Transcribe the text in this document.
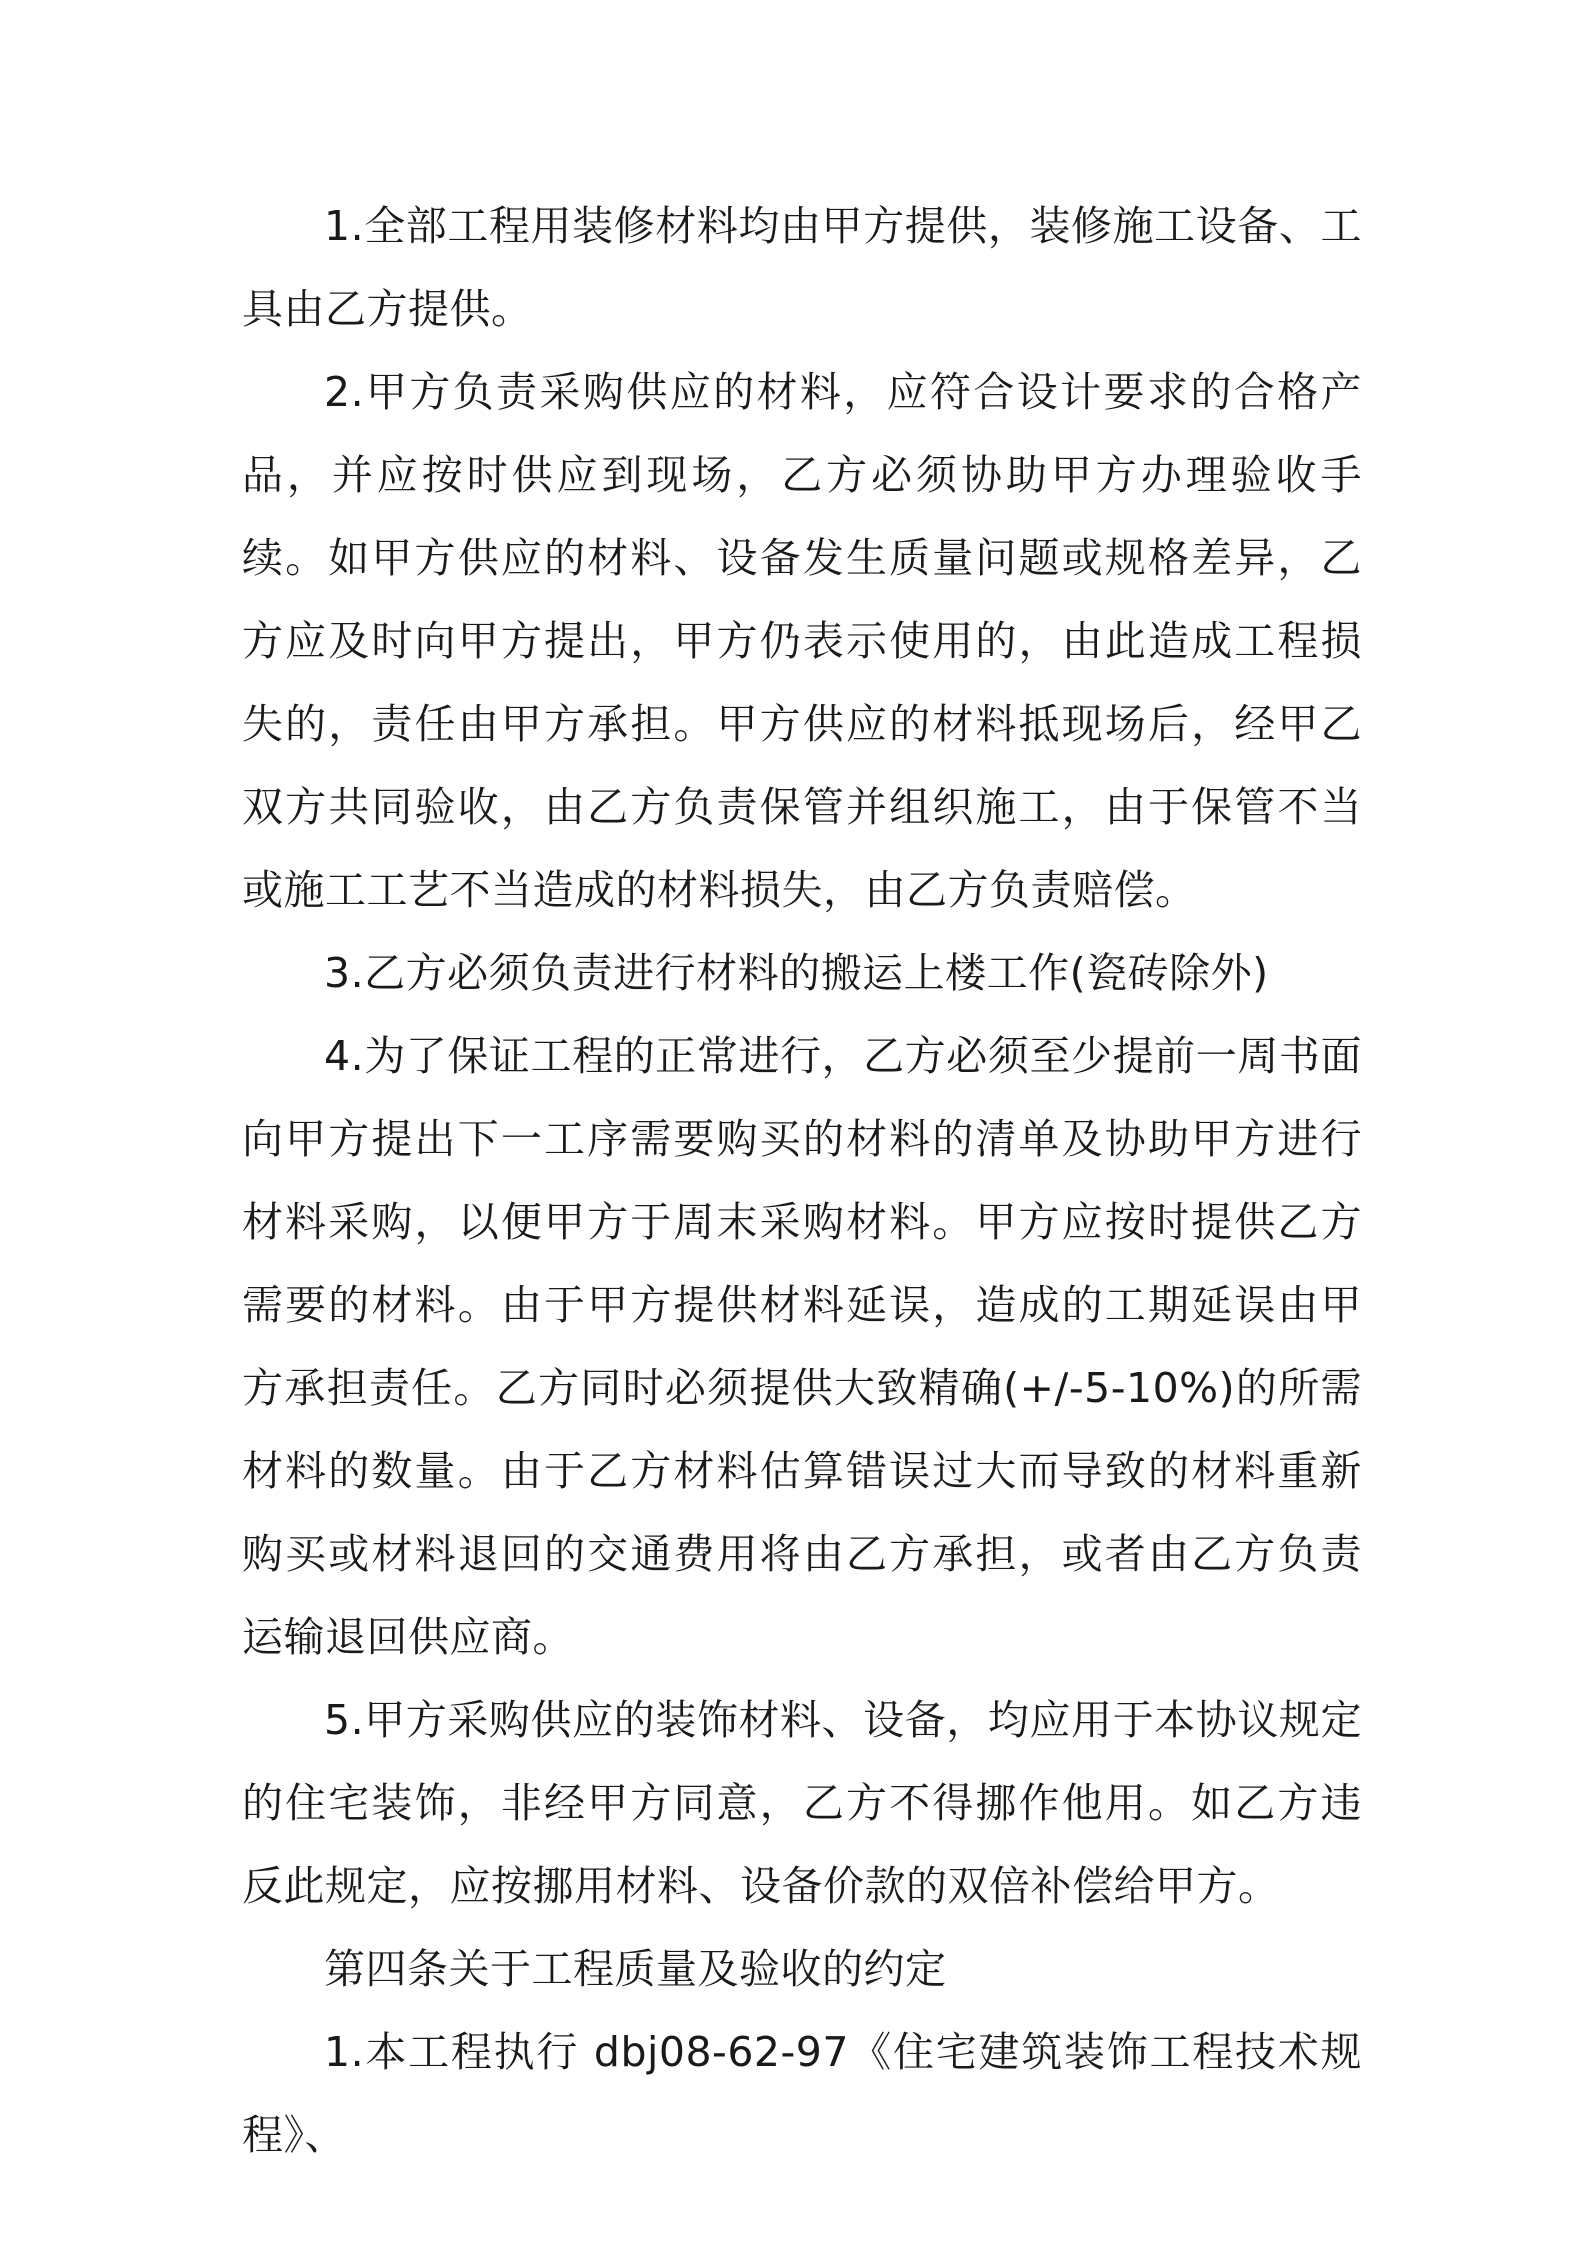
1.全部工程用装修材料均由甲方提供，装修施工设备、工具由乙方提供。

2.甲方负责采购供应的材料，应符合设计要求的合格产品，并应按时供应到现场，乙方必须协助甲方办理验收手续。如甲方供应的材料、设备发生质量问题或规格差异，乙方应及时向甲方提出，甲方仍表示使用的，由此造成工程损失的，责任由甲方承担。甲方供应的材料抵现场后，经甲乙双方共同验收，由乙方负责保管并组织施工，由于保管不当或施工工艺不当造成的材料损失，由乙方负责赔偿。

3.乙方必须负责进行材料的搬运上楼工作(瓷砖除外)

4.为了保证工程的正常进行，乙方必须至少提前一周书面向甲方提出下一工序需要购买的材料的清单及协助甲方进行材料采购，以便甲方于周末采购材料。甲方应按时提供乙方需要的材料。由于甲方提供材料延误，造成的工期延误由甲方承担责任。乙方同时必须提供大致精确(+/-5-10%)的所需材料的数量。由于乙方材料估算错误过大而导致的材料重新购买或材料退回的交通费用将由乙方承担，或者由乙方负责运输退回供应商。

5.甲方采购供应的装饰材料、设备，均应用于本协议规定的住宅装饰，非经甲方同意，乙方不得挪作他用。如乙方违反此规定，应按挪用材料、设备价款的双倍补偿给甲方。

第四条关于工程质量及验收的约定

1.本工程执行 dbj08-62-97《住宅建筑装饰工程技术规程》、
